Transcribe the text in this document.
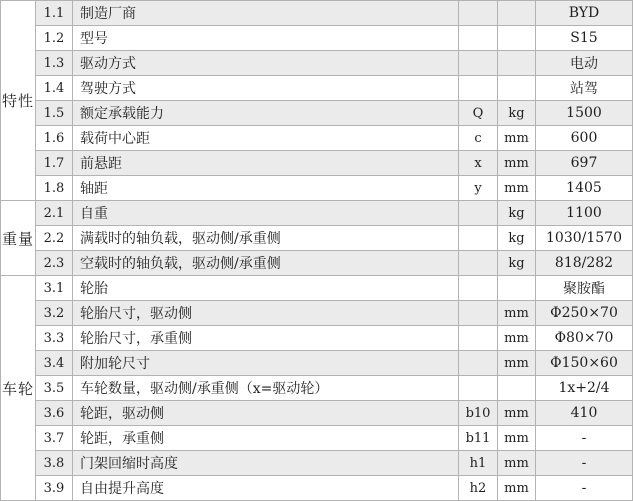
特性	1.1	制造厂商			BYD
	1.2	型号			S15
	1.3	驱动方式			电动
	1.4	驾驶方式			站驾
	1.5	额定承载能力	Q	kg	1500
	1.6	载荷中心距	c	mm	600
	1.7	前悬距	x	mm	697
	1.8	轴距	y	mm	1405
重量	2.1	自重		kg	1100
	2.2	满载时的轴负载，驱动侧/承重侧		kg	1030/1570
	2.3	空载时的轴负载，驱动侧/承重侧		kg	818/282
车轮	3.1	轮胎			聚胺酯
	3.2	轮胎尺寸，驱动侧		mm	Φ250×70
	3.3	轮胎尺寸，承重侧		mm	Φ80×70
	3.4	附加轮尺寸		mm	Φ150×60
	3.5	车轮数量，驱动侧/承重侧（x=驱动轮）			1x+2/4
	3.6	轮距，驱动侧	b10	mm	410
	3.7	轮距，承重侧	b11	mm	-
	3.8	门架回缩时高度	h1	mm	-
	3.9	自由提升高度	h2	mm	-
